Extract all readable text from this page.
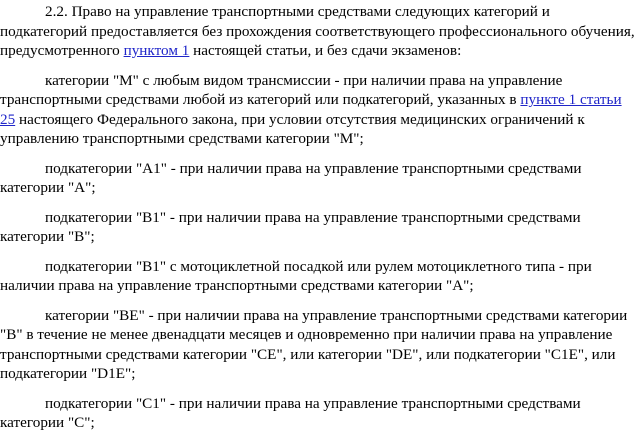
2.2. Право на управление транспортными средствами следующих категорий и подкатегорий предоставляется без прохождения соответствующего профессионального обучения, предусмотренного пунктом 1 настоящей статьи, и без сдачи экзаменов:

категории "M" с любым видом трансмиссии - при наличии права на управление транспортными средствами любой из категорий или подкатегорий, указанных в пункте 1 статьи 25 настоящего Федерального закона, при условии отсутствия медицинских ограничений к управлению транспортными средствами категории "M";

подкатегории "A1" - при наличии права на управление транспортными средствами категории "A";

подкатегории "B1" - при наличии права на управление транспортными средствами категории "B";

подкатегории "B1" с мотоциклетной посадкой или рулем мотоциклетного типа - при наличии права на управление транспортными средствами категории "A";

категории "BE" - при наличии права на управление транспортными средствами категории "B" в течение не менее двенадцати месяцев и одновременно при наличии права на управление транспортными средствами категории "CE", или категории "DE", или подкатегории "C1E", или подкатегории "D1E";

подкатегории "C1" - при наличии права на управление транспортными средствами категории "C";
